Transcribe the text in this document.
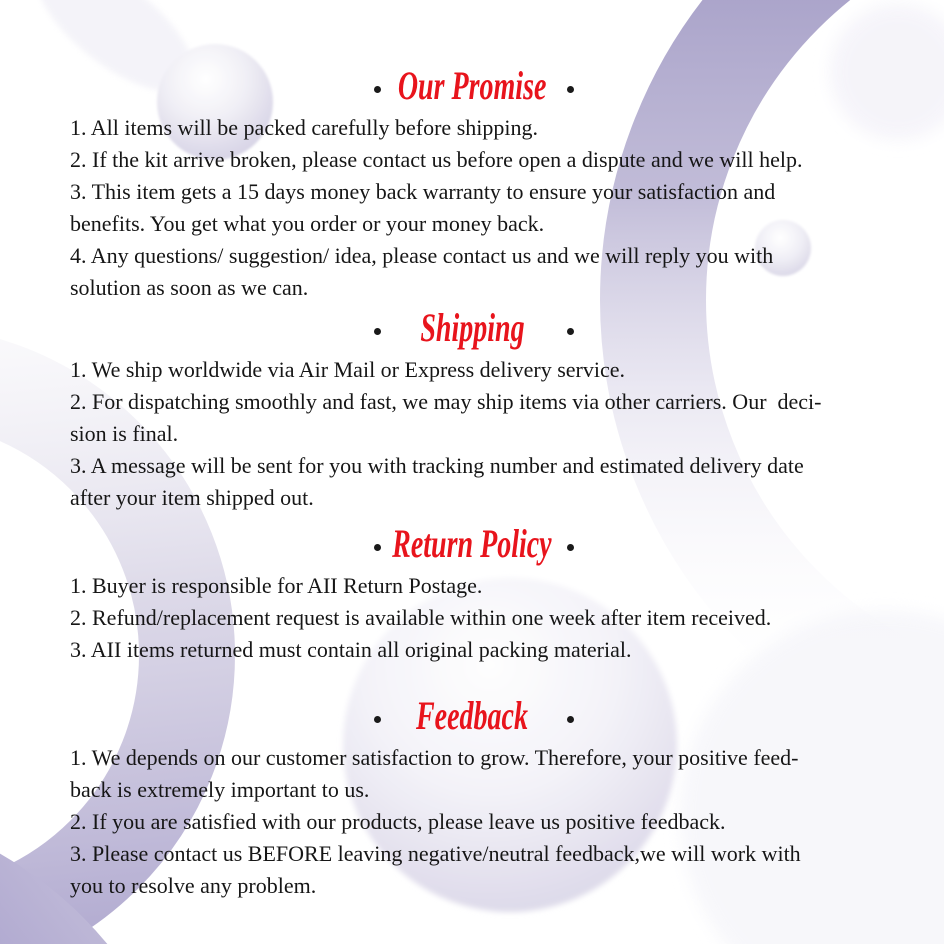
Our Promise
1. All items will be packed carefully before shipping.
2. If the kit arrive broken, please contact us before open a dispute and we will help.
3. This item gets a 15 days money back warranty to ensure your satisfaction and
benefits. You get what you order or your money back.
4. Any questions/ suggestion/ idea, please contact us and we will reply you with
solution as soon as we can.
Shipping
1. We ship worldwide via Air Mail or Express delivery service.
2. For dispatching smoothly and fast, we may ship items via other carriers. Our  deci-
sion is final.
3. A message will be sent for you with tracking number and estimated delivery date
after your item shipped out.
Return Policy
1. Buyer is responsible for AII Return Postage.
2. Refund/replacement request is available within one week after item received.
3. AII items returned must contain all original packing material.
Feedback
1. We depends on our customer satisfaction to grow. Therefore, your positive feed-
back is extremely important to us.
2. If you are satisfied with our products, please leave us positive feedback.
3. Please contact us BEFORE leaving negative/neutral feedback,we will work with
you to resolve any problem.
